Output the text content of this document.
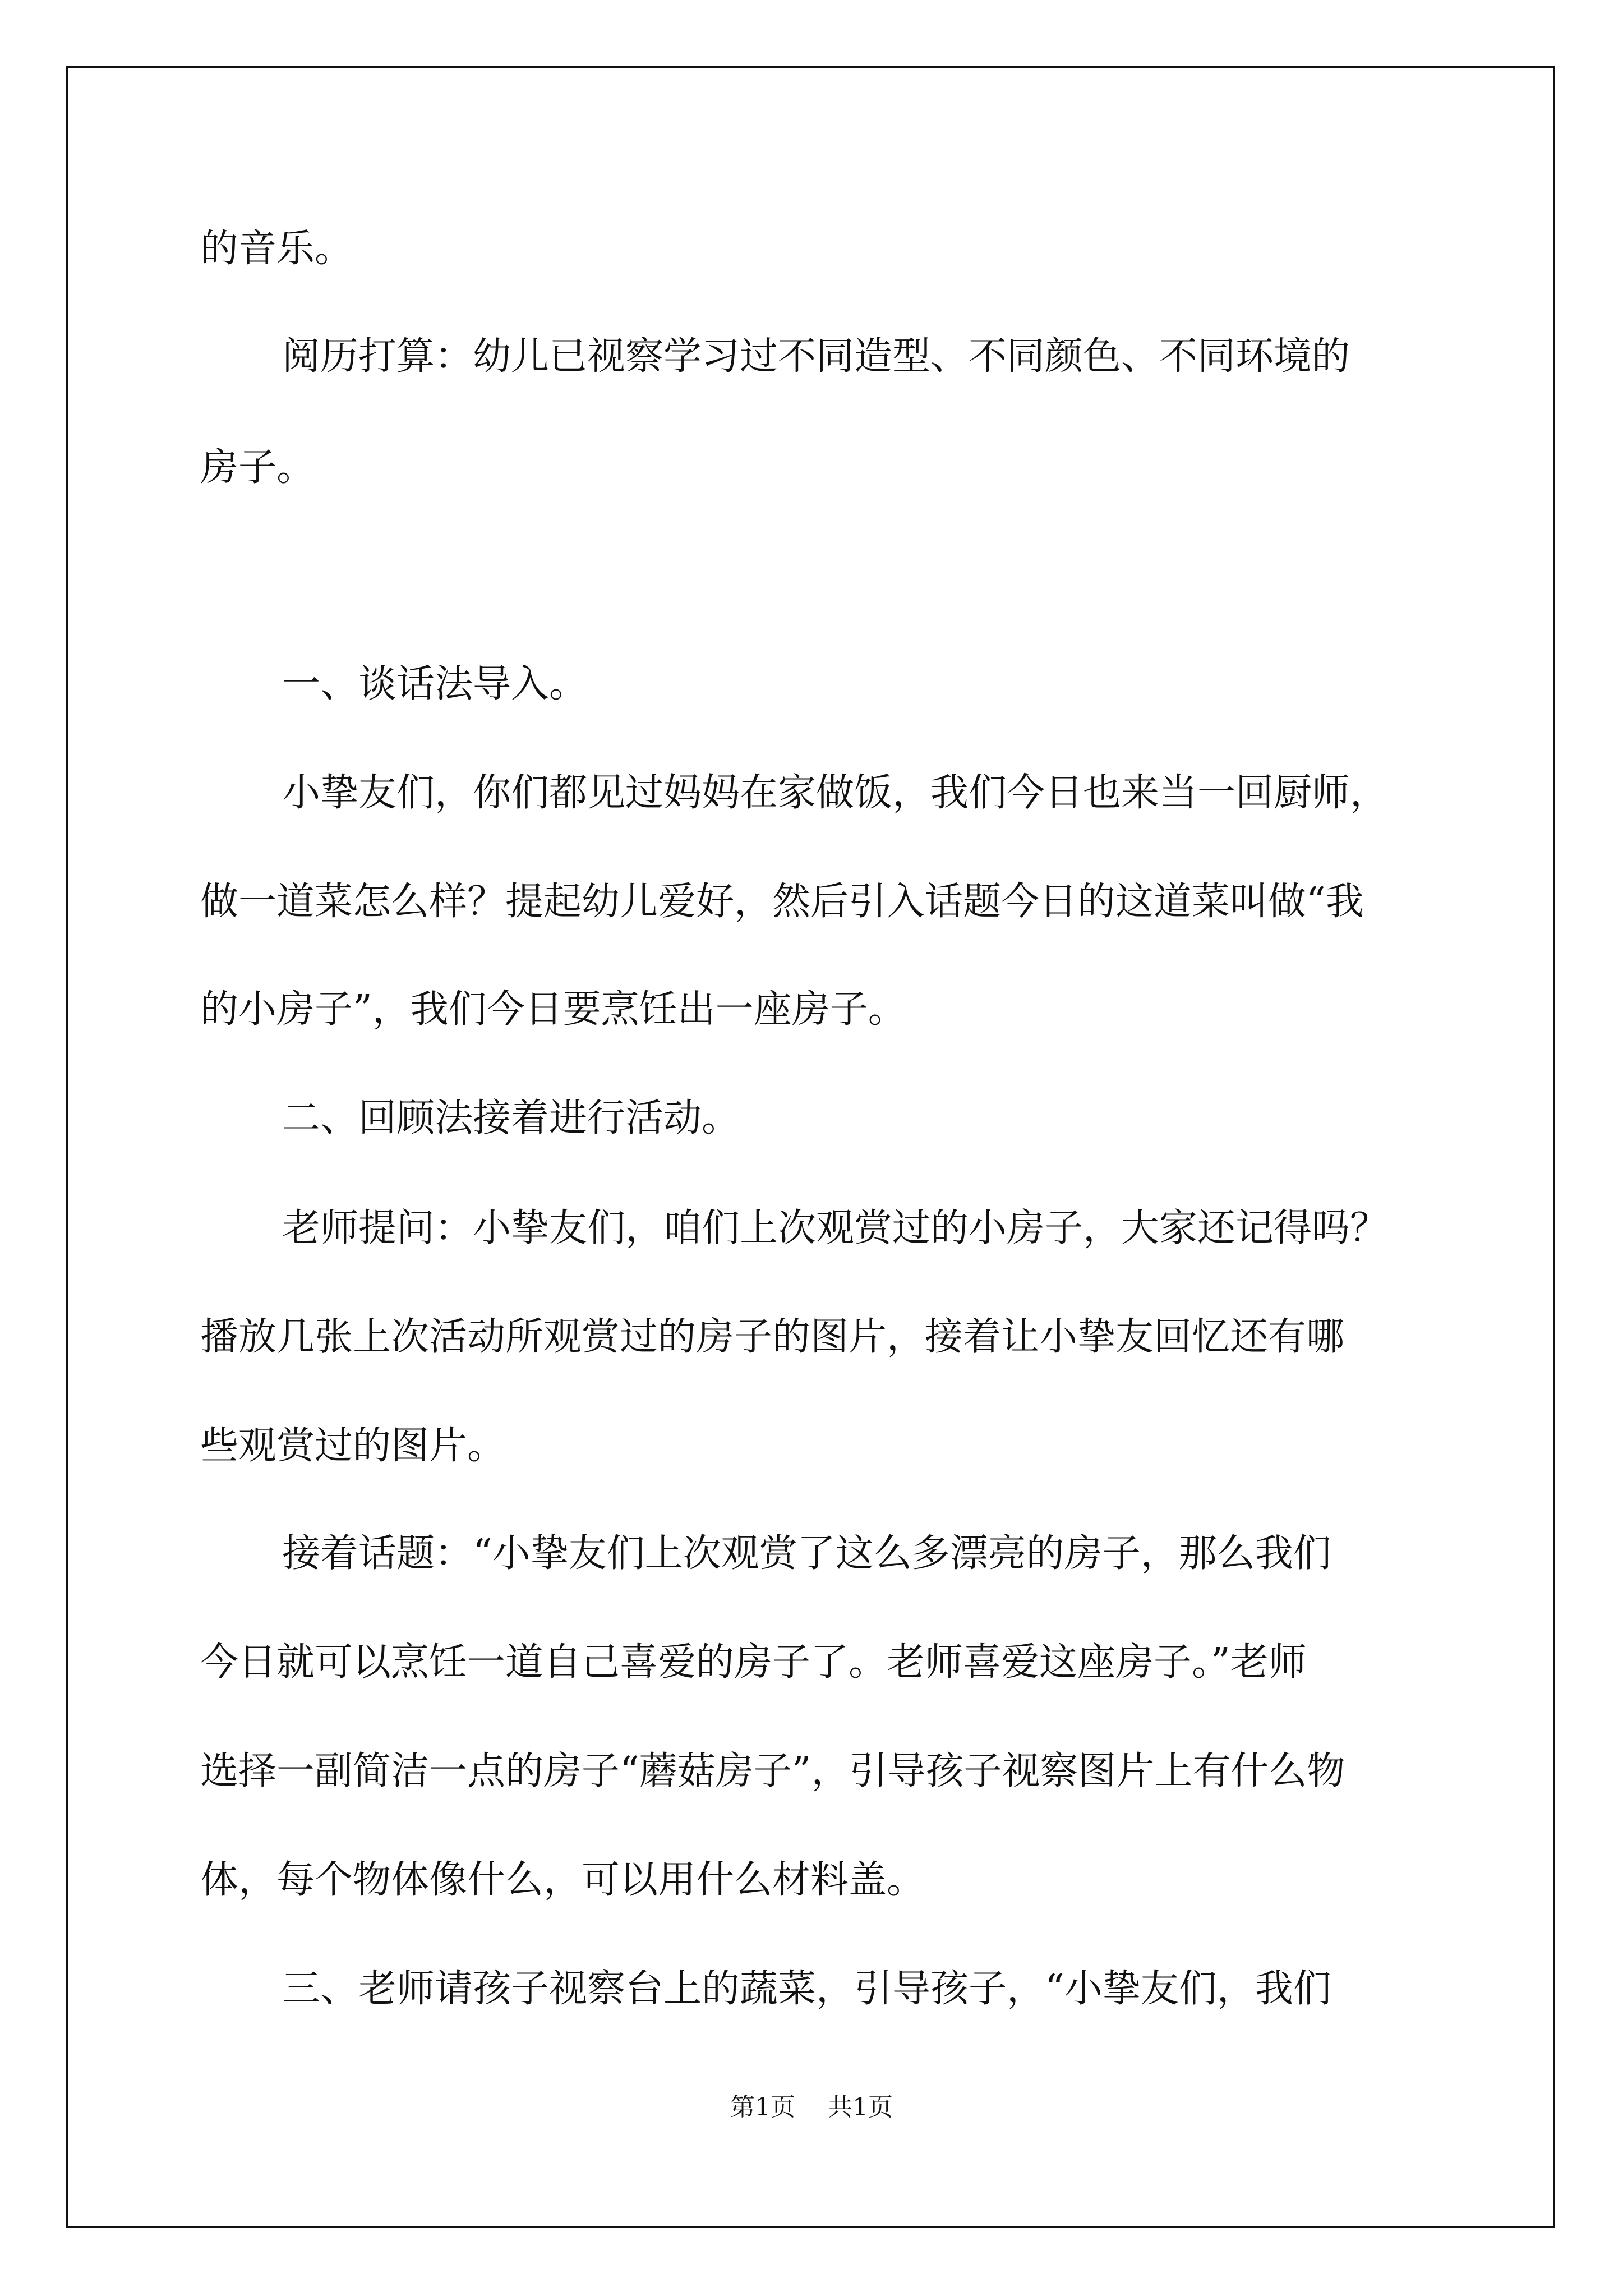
的音乐。

阅历打算：幼儿已视察学习过不同造型、不同颜色、不同环境的

房子。

一、谈话法导入。

小挚友们，你们都见过妈妈在家做饭，我们今日也来当一回厨师，

做一道菜怎么样？提起幼儿爱好，然后引入话题今日的这道菜叫做“我

的小房子”，我们今日要烹饪出一座房子。

二、回顾法接着进行活动。

老师提问：小挚友们，咱们上次观赏过的小房子，大家还记得吗？

播放几张上次活动所观赏过的房子的图片，接着让小挚友回忆还有哪

些观赏过的图片。

接着话题：“小挚友们上次观赏了这么多漂亮的房子，那么我们

今日就可以烹饪一道自己喜爱的房子了。老师喜爱这座房子。”老师

选择一副简洁一点的房子“蘑菇房子”，引导孩子视察图片上有什么物

体，每个物体像什么，可以用什么材料盖。

三、老师请孩子视察台上的蔬菜，引导孩子，“小挚友们，我们

第1页 共1页
